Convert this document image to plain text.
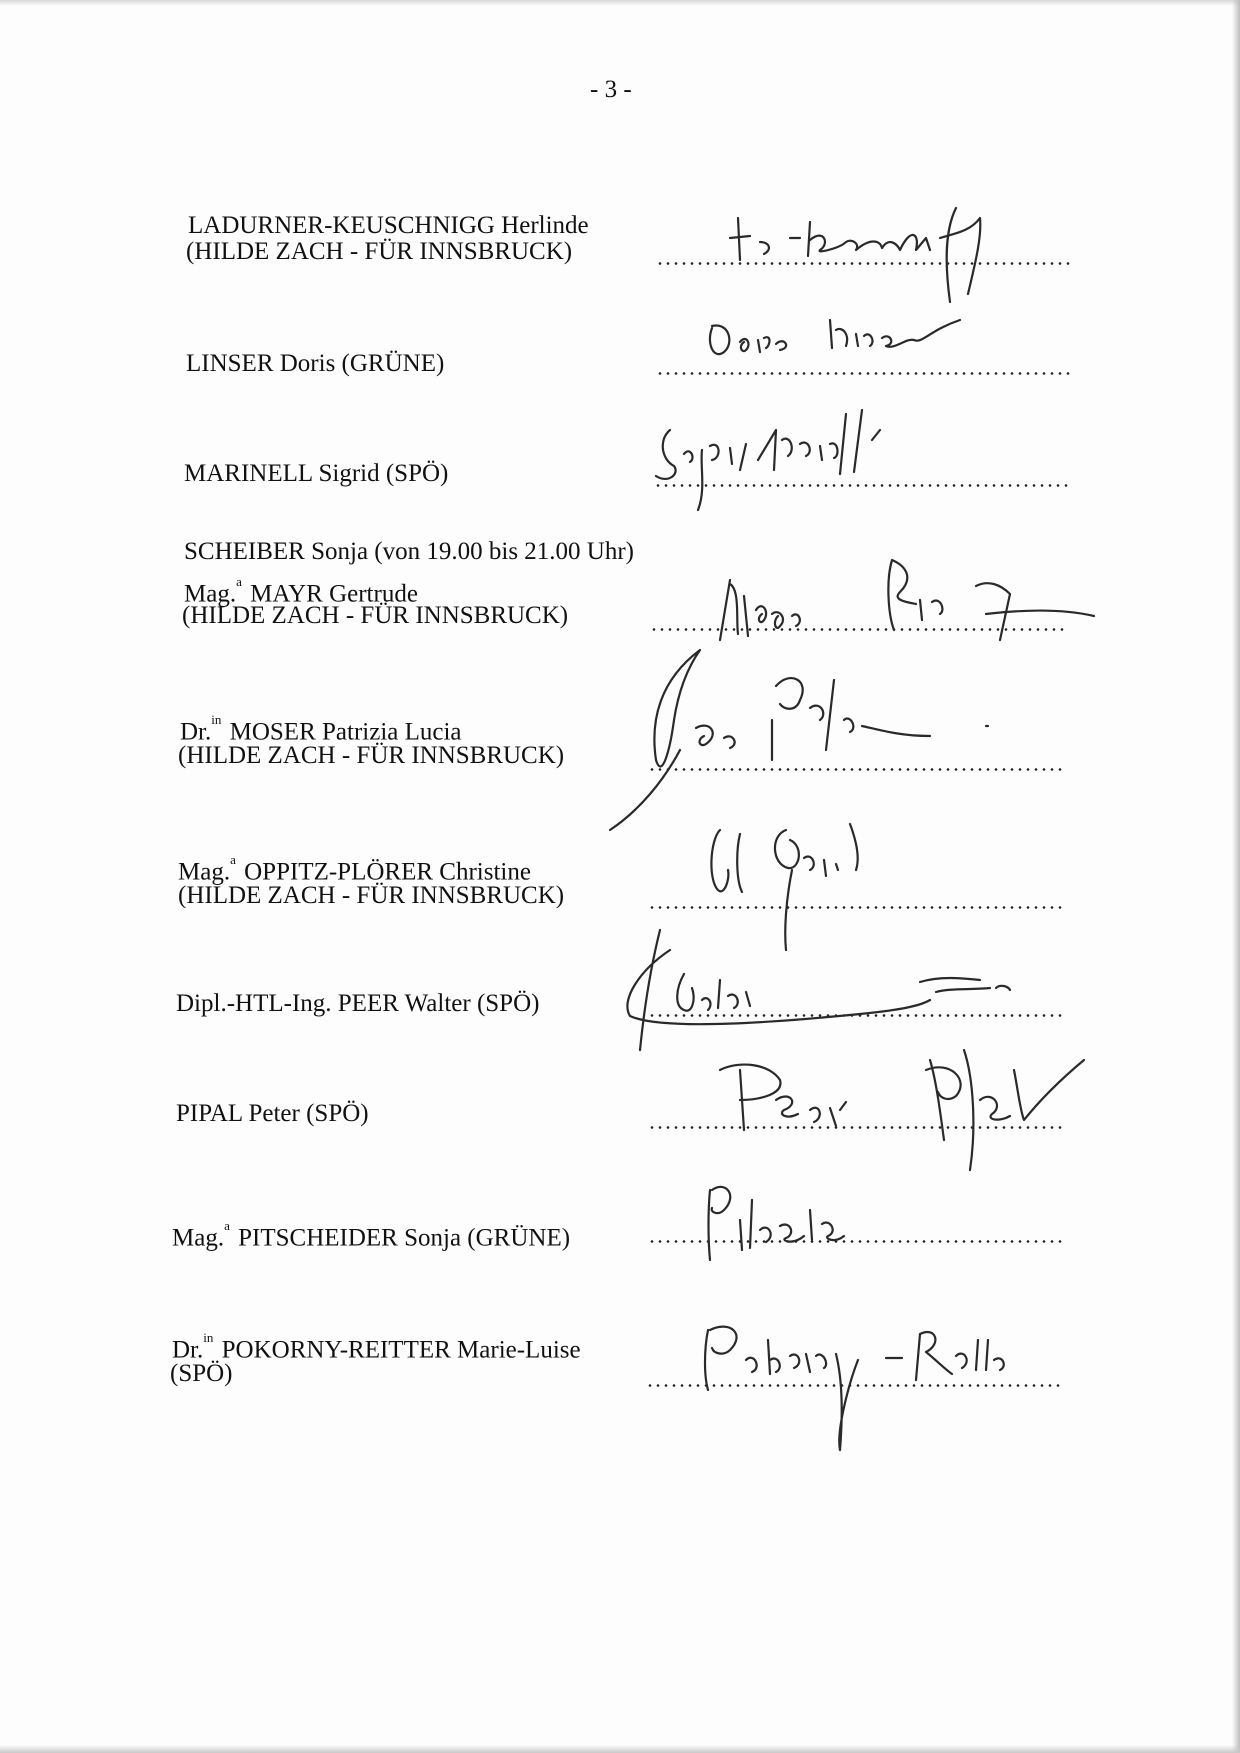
- 3 -
LADURNER-KEUSCHNIGG Herlinde
(HILDE ZACH - FÜR INNSBRUCK)
LINSER Doris (GRÜNE)
MARINELL Sigrid (SPÖ)
SCHEIBER Sonja (von 19.00 bis 21.00 Uhr)
Mag.$^a$ MAYR Gertrude
(HILDE ZACH - FÜR INNSBRUCK)
Dr.$^{in}$ MOSER Patrizia Lucia
(HILDE ZACH - FÜR INNSBRUCK)
Mag.$^a$ OPPITZ-PLÖRER Christine
(HILDE ZACH - FÜR INNSBRUCK)
Dipl.-HTL-Ing. PEER Walter (SPÖ)
PIPAL Peter (SPÖ)
Mag.$^a$ PITSCHEIDER Sonja (GRÜNE)
Dr.$^{in}$ POKORNY-REITTER Marie-Luise
(SPÖ)
